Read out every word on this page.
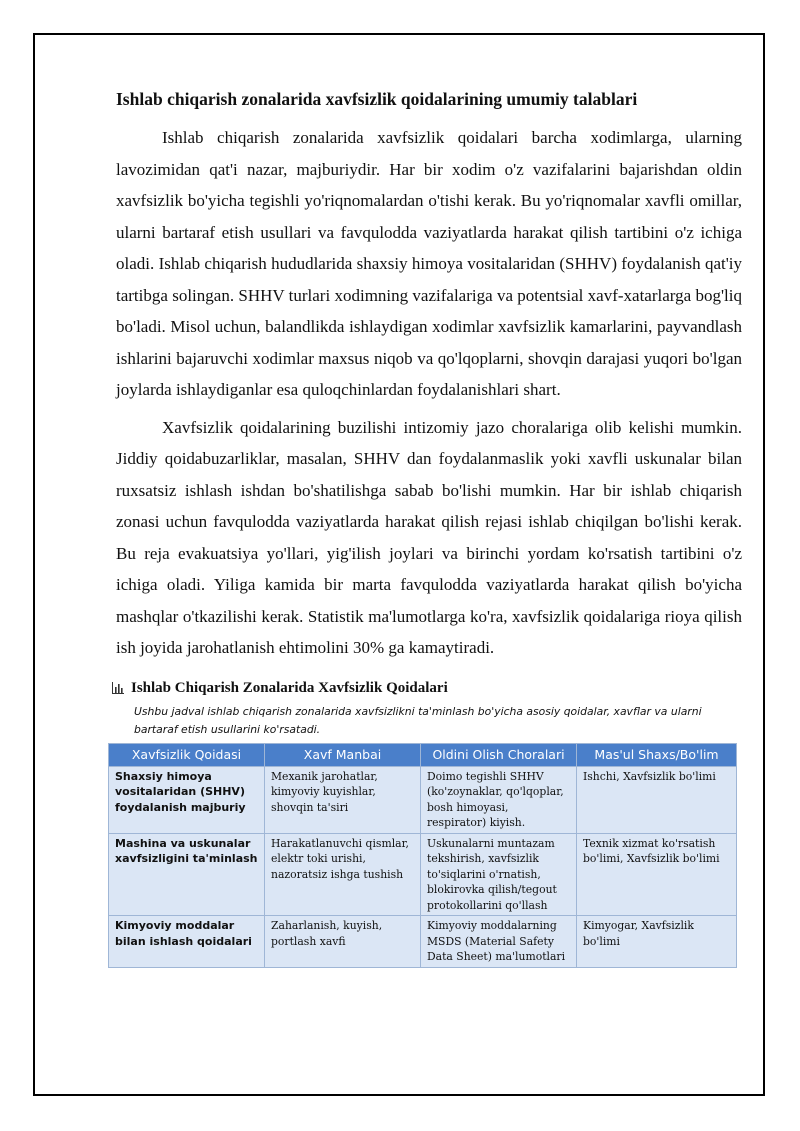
Ishlab chiqarish zonalarida xavfsizlik qoidalarining umumiy talablari

Ishlab chiqarish zonalarida xavfsizlik qoidalari barcha xodimlarga, ularning lavozimidan qat'i nazar, majburiydir. Har bir xodim o'z vazifalarini bajarishdan oldin xavfsizlik bo'yicha tegishli yo'riqnomalardan o'tishi kerak. Bu yo'riqnomalar xavfli omillar, ularni bartaraf etish usullari va favqulodda vaziyatlarda harakat qilish tartibini o'z ichiga oladi. Ishlab chiqarish hududlarida shaxsiy himoya vositalaridan (SHHV) foydalanish qat'iy tartibga solingan. SHHV turlari xodimning vazifalariga va potentsial xavf-xatarlarga bog'liq bo'ladi. Misol uchun, balandlikda ishlaydigan xodimlar xavfsizlik kamarlarini, payvandlash ishlarini bajaruvchi xodimlar maxsus niqob va qo'lqoplarni, shovqin darajasi yuqori bo'lgan joylarda ishlaydiganlar esa quloqchinlardan foydalanishlari shart.

Xavfsizlik qoidalarining buzilishi intizomiy jazo choralariga olib kelishi mumkin. Jiddiy qoidabuzarliklar, masalan, SHHV dan foydalanmaslik yoki xavfli uskunalar bilan ruxsatsiz ishlash ishdan bo'shatilishga sabab bo'lishi mumkin. Har bir ishlab chiqarish zonasi uchun favqulodda vaziyatlarda harakat qilish rejasi ishlab chiqilgan bo'lishi kerak. Bu reja evakuatsiya yo'llari, yig'ilish joylari va birinchi yordam ko'rsatish tartibini o'z ichiga oladi. Yiliga kamida bir marta favqulodda vaziyatlarda harakat qilish bo'yicha mashqlar o'tkazilishi kerak. Statistik ma'lumotlarga ko'ra, xavfsizlik qoidalariga rioya qilish ish joyida jarohatlanish ehtimolini 30% ga kamaytiradi.

Ishlab Chiqarish Zonalarida Xavfsizlik Qoidalari
Ushbu jadval ishlab chiqarish zonalarida xavfsizlikni ta'minlash bo'yicha asosiy qoidalar, xavflar va ularni bartaraf etish usullarini ko'rsatadi.
Xavfsizlik Qoidasi	Xavf Manbai	Oldini Olish Choralari	Mas'ul Shaxs/Bo'lim
Shaxsiy himoya vositalaridan (SHHV) foydalanish majburiy	Mexanik jarohatlar, kimyoviy kuyishlar, shovqin ta'siri	Doimo tegishli SHHV (ko'zoynaklar, qo'lqoplar, bosh himoyasi, respirator) kiyish.	Ishchi, Xavfsizlik bo'limi
Mashina va uskunalar xavfsizligini ta'minlash	Harakatlanuvchi qismlar, elektr toki urishi, nazoratsiz ishga tushish	Uskunalarni muntazam tekshirish, xavfsizlik to'siqlarini o'rnatish, blokirovka qilish/tegout protokollarini qo'llash	Texnik xizmat ko'rsatish bo'limi, Xavfsizlik bo'limi
Kimyoviy moddalar bilan ishlash qoidalari	Zaharlanish, kuyish, portlash xavfi	Kimyoviy moddalarning MSDS (Material Safety Data Sheet) ma'lumotlari	Kimyogar, Xavfsizlik bo'limi
